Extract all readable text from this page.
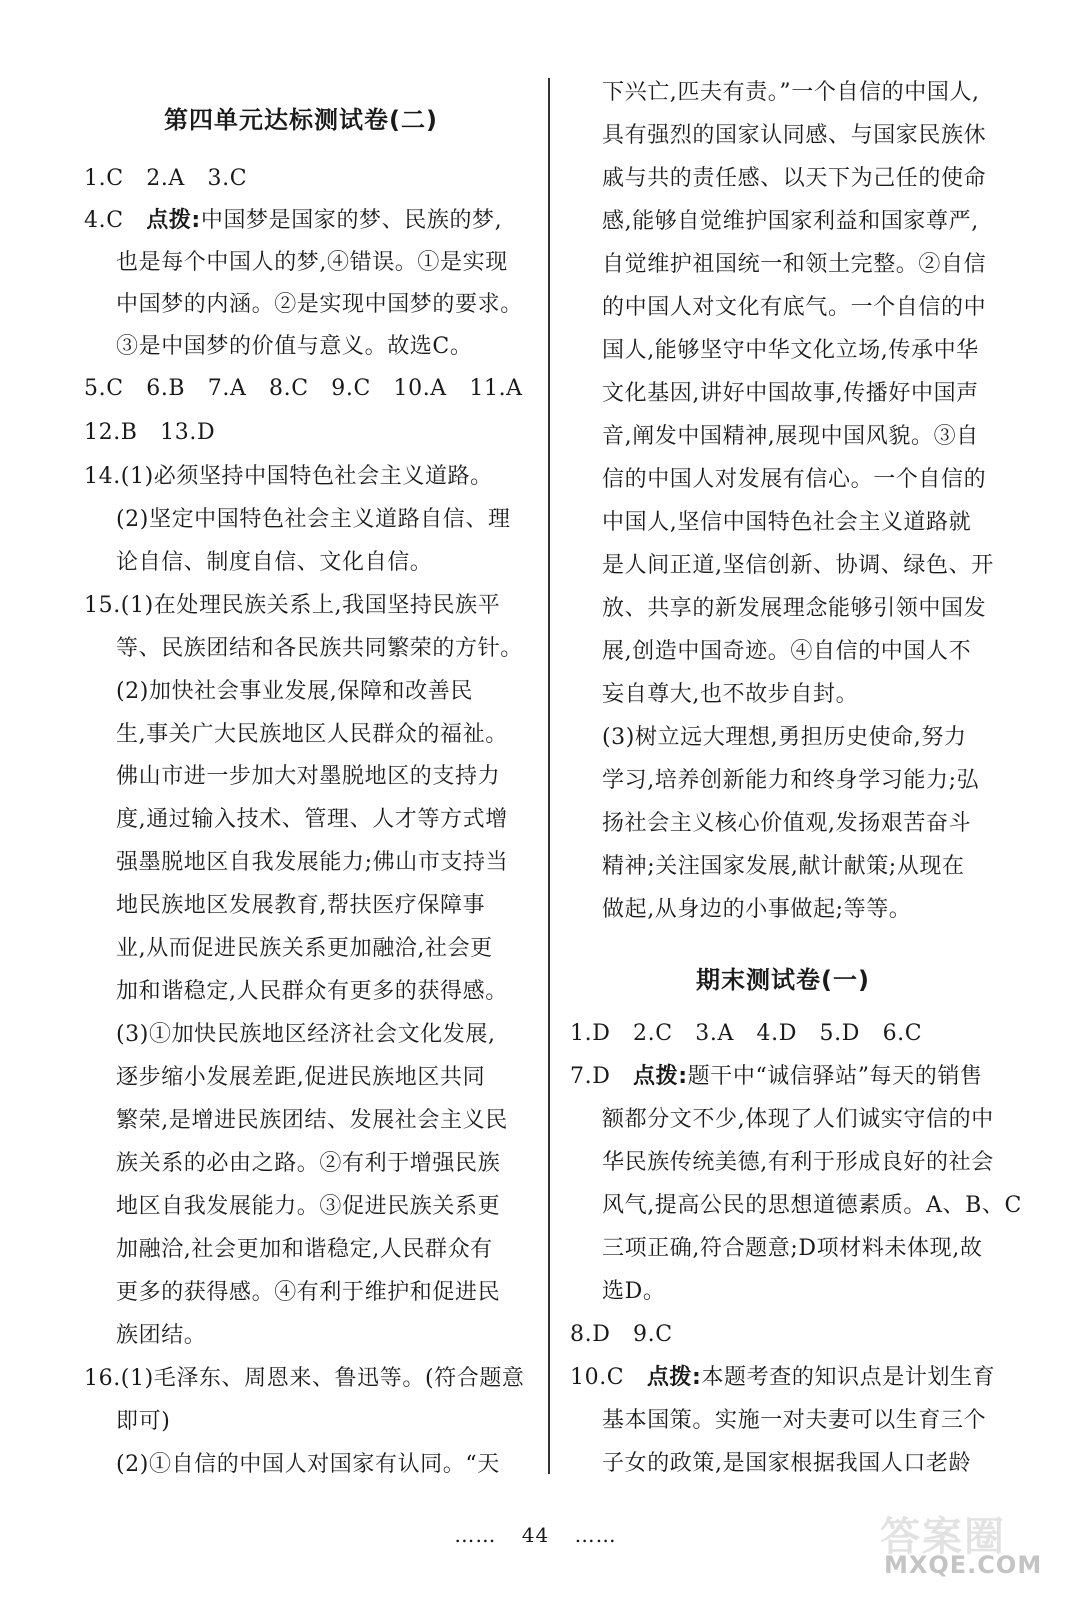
第四单元达标测试卷(二)
1.C　2.A　3.C
4.C　点拨:中国梦是国家的梦、民族的梦,
也是每个中国人的梦,④错误。①是实现
中国梦的内涵。②是实现中国梦的要求。
③是中国梦的价值与意义。故选C。
5.C　6.B　7.A　8.C　9.C　10.A　11.A
12.B　13.D
14.(1)必须坚持中国特色社会主义道路。
(2)坚定中国特色社会主义道路自信、理
论自信、制度自信、文化自信。
15.(1)在处理民族关系上,我国坚持民族平
等、民族团结和各民族共同繁荣的方针。
(2)加快社会事业发展,保障和改善民
生,事关广大民族地区人民群众的福祉。
佛山市进一步加大对墨脱地区的支持力
度,通过输入技术、管理、人才等方式增
强墨脱地区自我发展能力;佛山市支持当
地民族地区发展教育,帮扶医疗保障事
业,从而促进民族关系更加融洽,社会更
加和谐稳定,人民群众有更多的获得感。
(3)①加快民族地区经济社会文化发展,
逐步缩小发展差距,促进民族地区共同
繁荣,是增进民族团结、发展社会主义民
族关系的必由之路。②有利于增强民族
地区自我发展能力。③促进民族关系更
加融洽,社会更加和谐稳定,人民群众有
更多的获得感。④有利于维护和促进民
族团结。
16.(1)毛泽东、周恩来、鲁迅等。(符合题意
即可)
(2)①自信的中国人对国家有认同。“天
下兴亡,匹夫有责。”一个自信的中国人,
具有强烈的国家认同感、与国家民族休
戚与共的责任感、以天下为己任的使命
感,能够自觉维护国家利益和国家尊严,
自觉维护祖国统一和领土完整。②自信
的中国人对文化有底气。一个自信的中
国人,能够坚守中华文化立场,传承中华
文化基因,讲好中国故事,传播好中国声
音,阐发中国精神,展现中国风貌。③自
信的中国人对发展有信心。一个自信的
中国人,坚信中国特色社会主义道路就
是人间正道,坚信创新、协调、绿色、开
放、共享的新发展理念能够引领中国发
展,创造中国奇迹。④自信的中国人不
妄自尊大,也不故步自封。
(3)树立远大理想,勇担历史使命,努力
学习,培养创新能力和终身学习能力;弘
扬社会主义核心价值观,发扬艰苦奋斗
精神;关注国家发展,献计献策;从现在
做起,从身边的小事做起;等等。
期末测试卷(一)
1.D　2.C　3.A　4.D　5.D　6.C
7.D　点拨:题干中“诚信驿站”每天的销售
额都分文不少,体现了人们诚实守信的中
华民族传统美德,有利于形成良好的社会
风气,提高公民的思想道德素质。A、B、C
三项正确,符合题意;D项材料未体现,故
选D。
8.D　9.C
10.C　点拨:本题考查的知识点是计划生育
基本国策。实施一对夫妻可以生育三个
子女的政策,是国家根据我国人口老龄
…… 44 ……	答案圈
MXQE.COM
